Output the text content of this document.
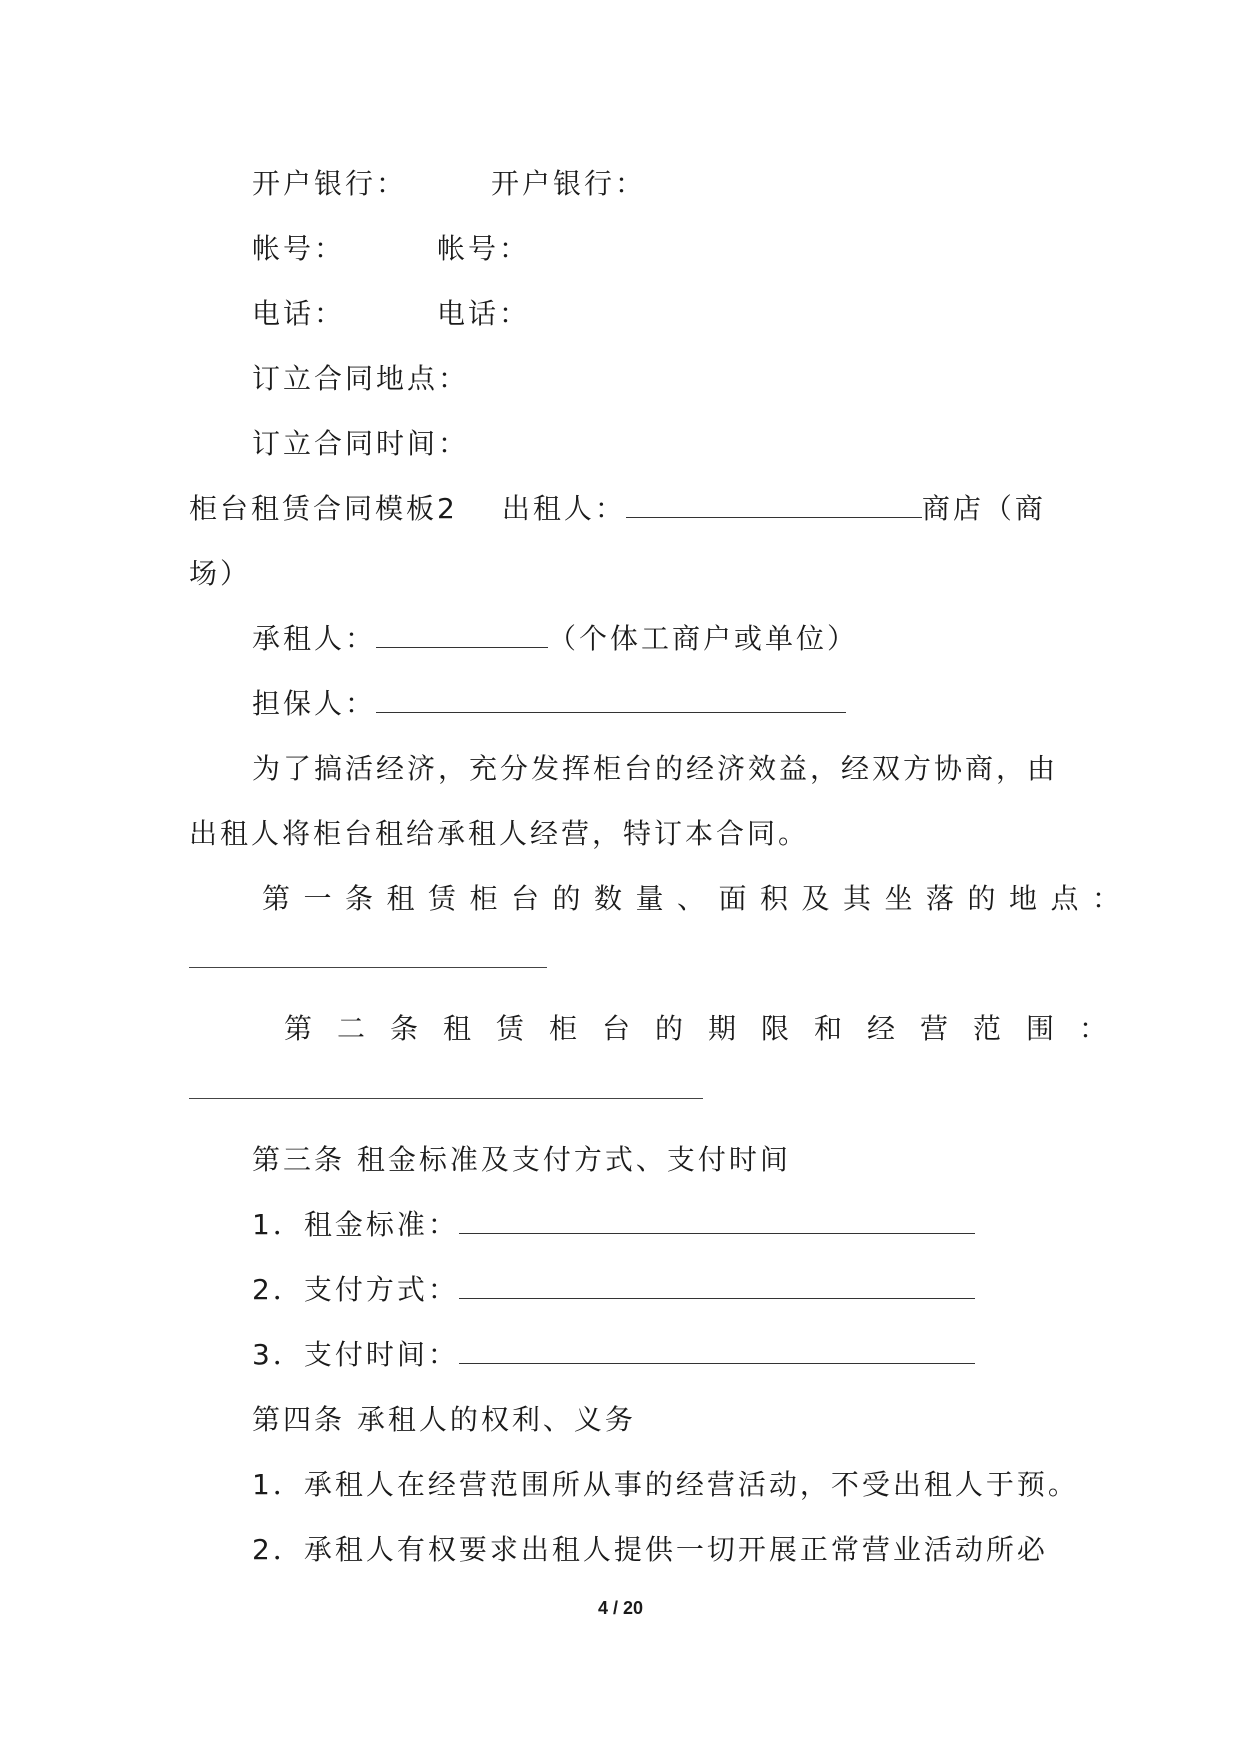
开户银行：	开户银行：
帐号：	帐号：
电话：	电话：
订立合同地点：
订立合同时间：
柜台租赁合同模板2 出租人：	商店（商
场）
承租人：	（个体工商户或单位）
担保人：
为了搞活经济，充分发挥柜台的经济效益，经双方协商，由
出租人将柜台租给承租人经营，特订本合同。
第一条租赁柜台的数量、面积及其坐落的地点：
第二条租赁柜台的期限和经营范围：
第三条 租金标准及支付方式、支付时间
1．租金标准：
2．支付方式：
3．支付时间：
第四条 承租人的权利、义务
1．承租人在经营范围所从事的经营活动，不受出租人于预。
2．承租人有权要求出租人提供一切开展正常营业活动所必
4 / 20
